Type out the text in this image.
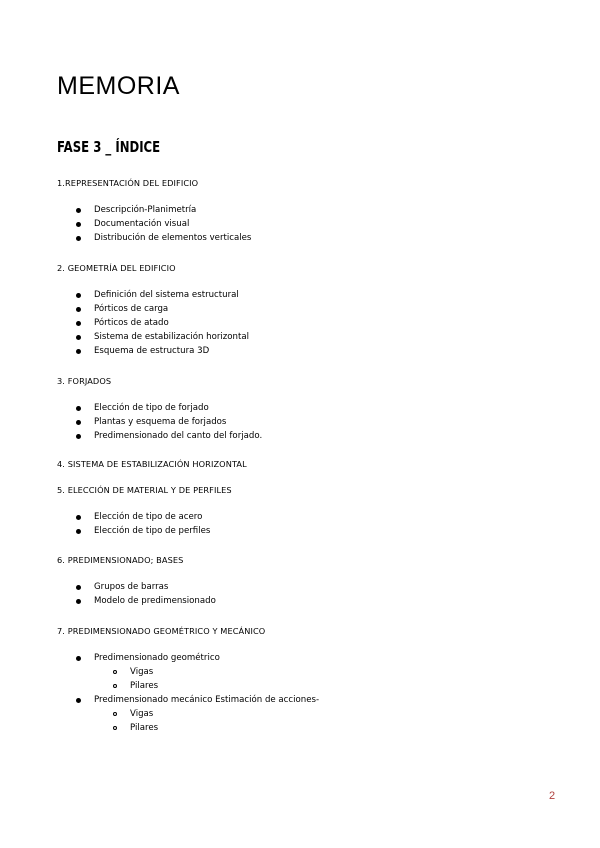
MEMORIA
FASE 3 _ ÍNDICE
1.REPRESENTACIÓN DEL EDIFICIO
Descripción-Planimetría
Documentación visual
Distribución de elementos verticales
2. GEOMETRÍA DEL EDIFICIO
Definición del sistema estructural
Pórticos de carga
Pórticos de atado
Sistema de estabilización horizontal
Esquema de estructura 3D
3. FORJADOS
Elección de tipo de forjado
Plantas y esquema de forjados
Predimensionado del canto del forjado.
4. SISTEMA DE ESTABILIZACIÓN HORIZONTAL
5. ELECCIÓN DE MATERIAL Y DE PERFILES
Elección de tipo de acero
Elección de tipo de perfiles
6. PREDIMENSIONADO; BASES
Grupos de barras
Modelo de predimensionado
7. PREDIMENSIONADO GEOMÉTRICO Y MECÁNICO
Predimensionado geométrico
Vigas
Pilares
Predimensionado mecánico Estimación de acciones-
Vigas
Pilares
2
